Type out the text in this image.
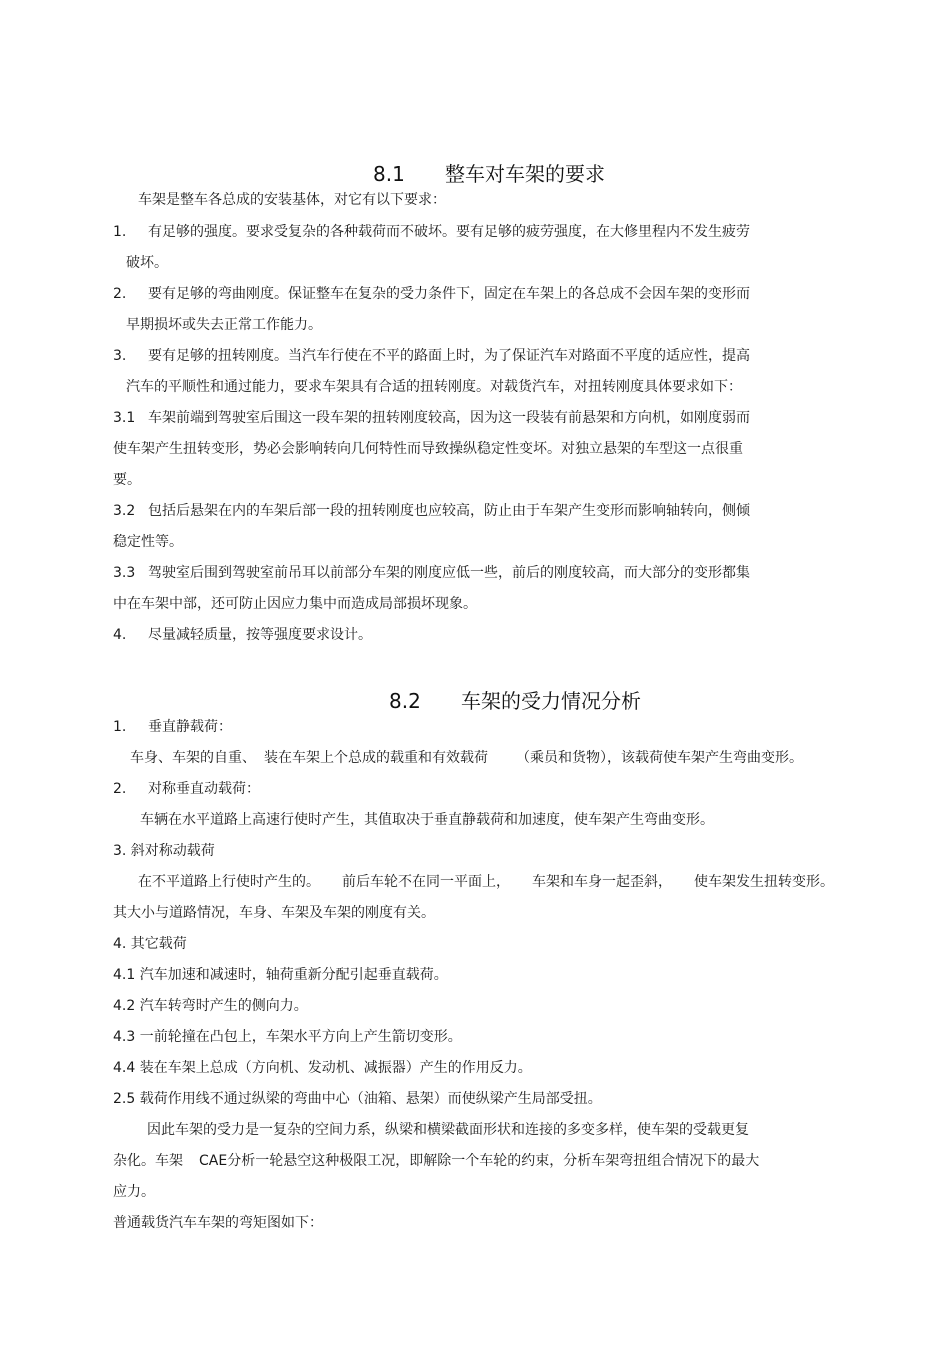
8.1 整车对车架的要求
车架是整车各总成的安装基体，对它有以下要求：
1. 有足够的强度。要求受复杂的各种载荷而不破坏。要有足够的疲劳强度，在大修里程内不发生疲劳
破坏。
2. 要有足够的弯曲刚度。保证整车在复杂的受力条件下，固定在车架上的各总成不会因车架的变形而
早期损坏或失去正常工作能力。
3. 要有足够的扭转刚度。当汽车行使在不平的路面上时，为了保证汽车对路面不平度的适应性，提高
汽车的平顺性和通过能力，要求车架具有合适的扭转刚度。对载货汽车，对扭转刚度具体要求如下：
3.1 车架前端到驾驶室后围这一段车架的扭转刚度较高，因为这一段装有前悬架和方向机，如刚度弱而
使车架产生扭转变形，势必会影响转向几何特性而导致操纵稳定性变坏。对独立悬架的车型这一点很重
要。
3.2 包括后悬架在内的车架后部一段的扭转刚度也应较高，防止由于车架产生变形而影响轴转向，侧倾
稳定性等。
3.3 驾驶室后围到驾驶室前吊耳以前部分车架的刚度应低一些，前后的刚度较高，而大部分的变形都集
中在车架中部，还可防止因应力集中而造成局部损坏现象。
4. 尽量减轻质量，按等强度要求设计。
8.2 车架的受力情况分析
1. 垂直静载荷：
车身、车架的自重、 装在车架上个总成的载重和有效载荷 （乘员和货物），该载荷使车架产生弯曲变形。
2. 对称垂直动载荷：
车辆在水平道路上高速行使时产生，其值取决于垂直静载荷和加速度，使车架产生弯曲变形。
3. 斜对称动载荷
在不平道路上行使时产生的。 前后车轮不在同一平面上， 车架和车身一起歪斜， 使车架发生扭转变形。
其大小与道路情况，车身、车架及车架的刚度有关。
4. 其它载荷
4.1 汽车加速和减速时，轴荷重新分配引起垂直载荷。
4.2 汽车转弯时产生的侧向力。
4.3 一前轮撞在凸包上，车架水平方向上产生箭切变形。
4.4 装在车架上总成（方向机、发动机、减振器）产生的作用反力。
2.5 载荷作用线不通过纵梁的弯曲中心（油箱、悬架）而使纵梁产生局部受扭。
因此车架的受力是一复杂的空间力系，纵梁和横梁截面形状和连接的多变多样，使车架的受载更复
杂化。车架 CAE分析一轮悬空这种极限工况，即解除一个车轮的约束，分析车架弯扭组合情况下的最大
应力。
普通载货汽车车架的弯矩图如下：
